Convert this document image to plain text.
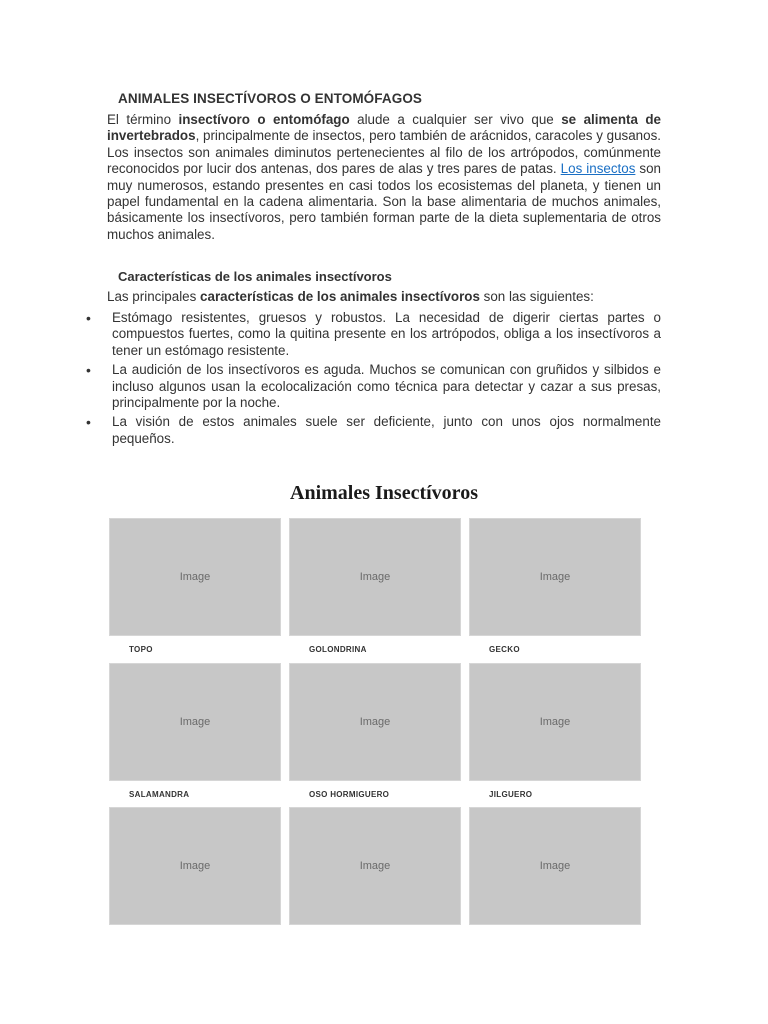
ANIMALES INSECTÍVOROS O ENTOMÓFAGOS
El término insectívoro o entomófago alude a cualquier ser vivo que se alimenta de invertebrados, principalmente de insectos, pero también de arácnidos, caracoles y gusanos. Los insectos son animales diminutos pertenecientes al filo de los artrópodos, comúnmente reconocidos por lucir dos antenas, dos pares de alas y tres pares de patas. Los insectos son muy numerosos, estando presentes en casi todos los ecosistemas del planeta, y tienen un papel fundamental en la cadena alimentaria. Son la base alimentaria de muchos animales, básicamente los insectívoros, pero también forman parte de la dieta suplementaria de otros muchos animales.
Características de los animales insectívoros
Las principales características de los animales insectívoros son las siguientes:
• Estómago resistentes, gruesos y robustos. La necesidad de digerir ciertas partes o compuestos fuertes, como la quitina presente en los artrópodos, obliga a los insectívoros a tener un estómago resistente.
• La audición de los insectívoros es aguda. Muchos se comunican con gruñidos y silbidos e incluso algunos usan la ecolocalización como técnica para detectar y cazar a sus presas, principalmente por la noche.
• La visión de estos animales suele ser deficiente, junto con unos ojos normalmente pequeños.
Animales Insectívoros
Image
TOPO
Image
GOLONDRINA
Image
GECKO
Image
SALAMANDRA
Image
OSO HORMIGUERO
Image
JILGUERO
Image	Image	Image
